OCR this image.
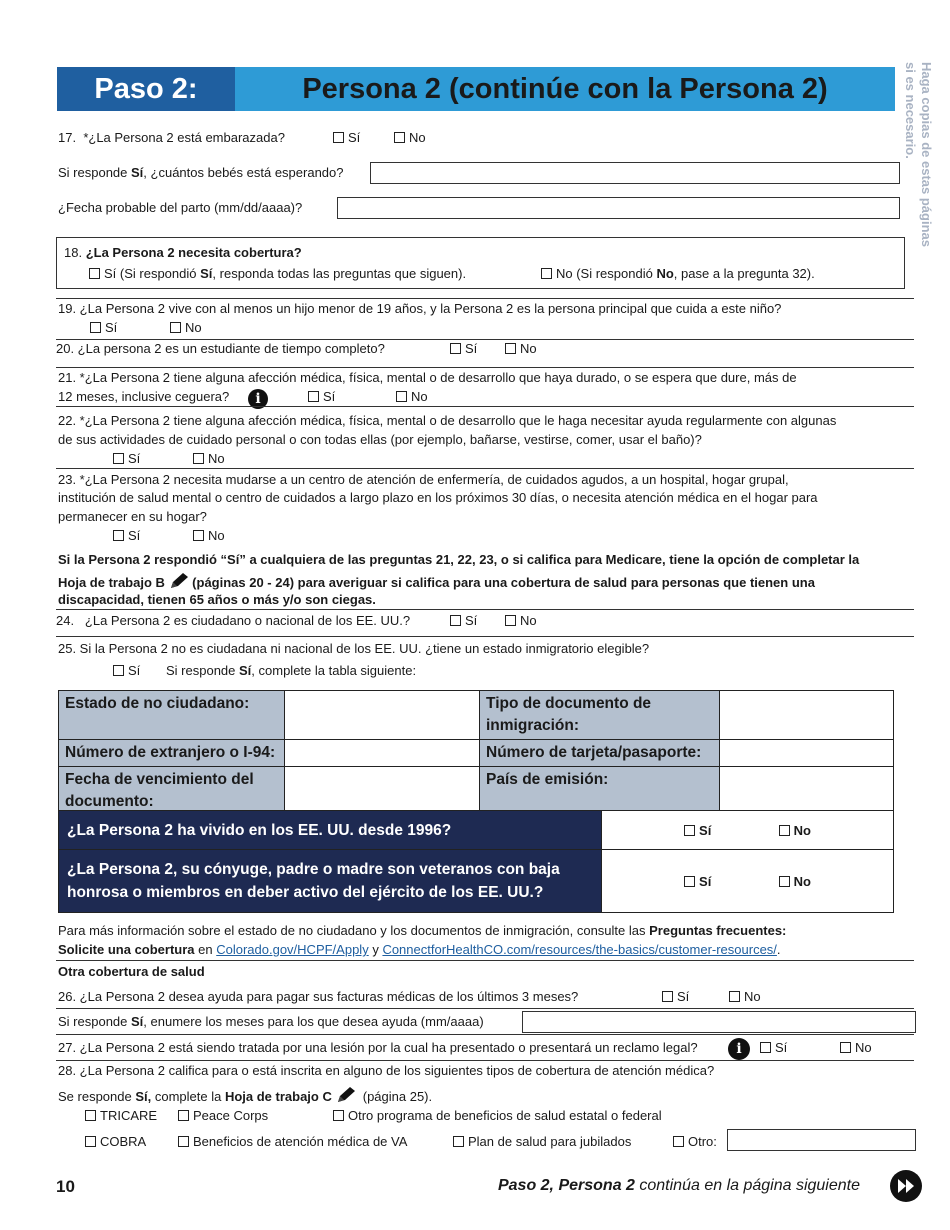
Paso 2:	Persona 2 (continúe con la Persona 2)	Haga copias de estas páginas
si es necesario.
17. *¿La Persona 2 está embarazada?	Sí	No
Si responde Sí, ¿cuántos bebés está esperando?
¿Fecha probable del parto (mm/dd/aaaa)?
18. ¿La Persona 2 necesita cobertura?
Sí (Si respondió Sí, responda todas las preguntas que siguen).	No (Si respondió No, pase a la pregunta 32).
19. ¿La Persona 2 vive con al menos un hijo menor de 19 años, y la Persona 2 es la persona principal que cuida a este niño?
Sí	No
20. ¿La persona 2 es un estudiante de tiempo completo?	Sí	No
21. *¿La Persona 2 tiene alguna afección médica, física, mental o de desarrollo que haya durado, o se espera que dure, más de
12 meses, inclusive ceguera?	i	Sí	No
22. *¿La Persona 2 tiene alguna afección médica, física, mental o de desarrollo que le haga necesitar ayuda regularmente con algunas
de sus actividades de cuidado personal o con todas ellas (por ejemplo, bañarse, vestirse, comer, usar el baño)?
Sí	No
23. *¿La Persona 2 necesita mudarse a un centro de atención de enfermería, de cuidados agudos, a un hospital, hogar grupal,
institución de salud mental o centro de cuidados a largo plazo en los próximos 30 días, o necesita atención médica en el hogar para
permanecer en su hogar?
Sí	No
Si la Persona 2 respondió “Sí” a cualquiera de las preguntas 21, 22, 23, o si califica para Medicare, tiene la opción de completar la
Hoja de trabajo B (páginas 20 - 24) para averiguar si califica para una cobertura de salud para personas que tienen una
discapacidad, tienen 65 años o más y/o son ciegas.
24. ¿La Persona 2 es ciudadano o nacional de los EE. UU.?	Sí	No
25. Si la Persona 2 no es ciudadana ni nacional de los EE. UU. ¿tiene un estado inmigratorio elegible?
Sí Si responde Sí, complete la tabla siguiente:
Estado de no ciudadano:		Tipo de documento de inmigración:	
Número de extranjero o I-94:		Número de tarjeta/pasaporte:	
Fecha de vencimiento del documento:		País de emisión:	
¿La Persona 2 ha vivido en los EE. UU. desde 1996?	Sí No
¿La Persona 2, su cónyuge, padre o madre son veteranos con baja honrosa o miembros en deber activo del ejército de los EE. UU.?	Sí No
Para más información sobre el estado de no ciudadano y los documentos de inmigración, consulte las Preguntas frecuentes:
Solicite una cobertura en Colorado.gov/HCPF/Apply y ConnectforHealthCO.com/resources/the-basics/customer-resources/.
Otra cobertura de salud
26. ¿La Persona 2 desea ayuda para pagar sus facturas médicas de los últimos 3 meses?	Sí	No
Si responde Sí, enumere los meses para los que desea ayuda (mm/aaaa)
27. ¿La Persona 2 está siendo tratada por una lesión por la cual ha presentado o presentará un reclamo legal?	i	Sí	No
28. ¿La Persona 2 califica para o está inscrita en alguno de los siguientes tipos de cobertura de atención médica?
Se responde Sí, complete la Hoja de trabajo C (página 25).
TRICARE	Peace Corps	Otro programa de beneficios de salud estatal o federal
COBRA	Beneficios de atención médica de VA	Plan de salud para jubilados	Otro:
10	Paso 2, Persona 2 continúa en la página siguiente
